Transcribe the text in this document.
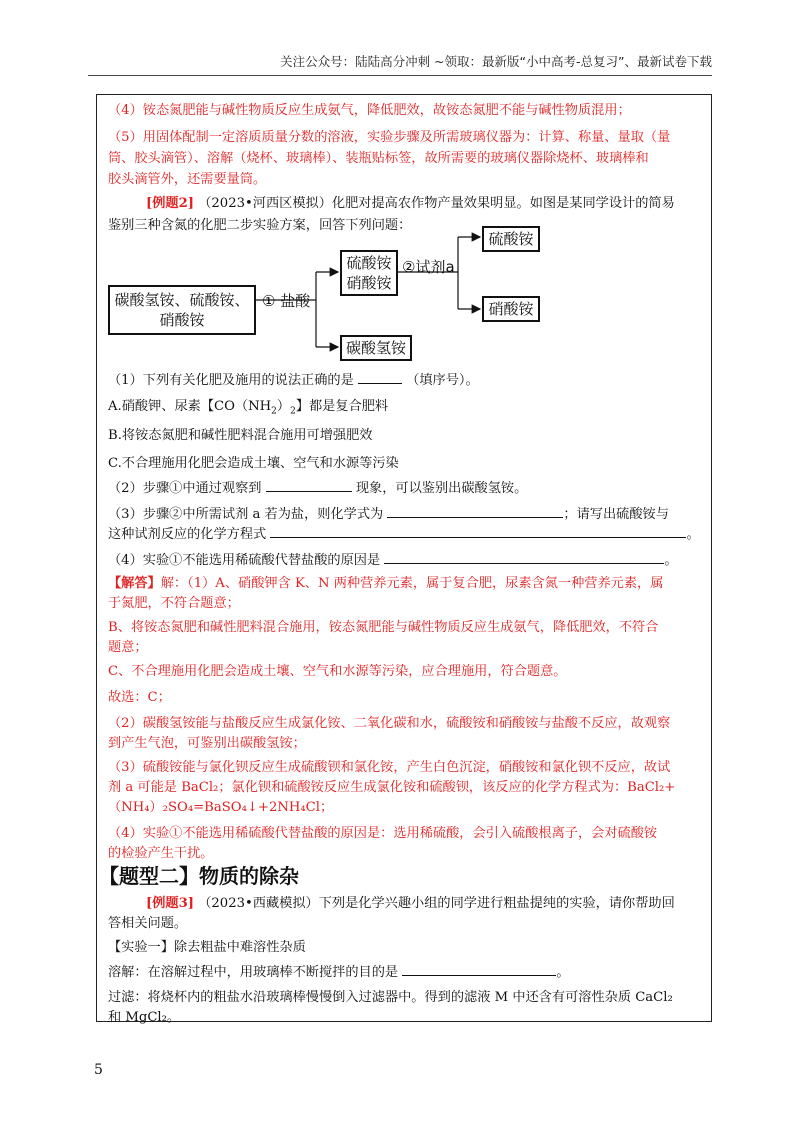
关注公众号：陆陆高分冲刺 ~领取：最新版“小中高考-总复习”、最新试卷下载
（4）铵态氮肥能与碱性物质反应生成氨气，降低肥效，故铵态氮肥不能与碱性物质混用；
（5）用固体配制一定溶质质量分数的溶液，实验步骤及所需玻璃仪器为：计算、称量、量取（量
筒、胶头滴管）、溶解（烧杯、玻璃棒）、装瓶贴标签，故所需要的玻璃仪器除烧杯、玻璃棒和
胶头滴管外，还需要量筒。
[例题2] （2023•河西区模拟）化肥对提高农作物产量效果明显。如图是某同学设计的简易
鉴别三种含氮的化肥二步实验方案，回答下列问题：
碳酸氢铵、硫酸铵、
硝酸铵
① 盐酸
硫酸铵
硝酸铵
②试剂a
硫酸铵
硝酸铵
碳酸氢铵
（1）下列有关化肥及施用的说法正确的是	（填序号）。
A.硝酸钾、尿素【$CO(NH_2)_2$】都是复合肥料
B.将铵态氮肥和碱性肥料混合施用可增强肥效
C.不合理施用化肥会造成土壤、空气和水源等污染
（2）步骤①中通过观察到	现象，可以鉴别出碳酸氢铵。
（3）步骤②中所需试剂 a 若为盐，则化学式为	；请写出硫酸铵与
这种试剂反应的化学方程式	。
（4）实验①不能选用稀硫酸代替盐酸的原因是	。
【解答】解：（1）A、硝酸钾含 K、N 两种营养元素，属于复合肥，尿素含氮一种营养元素，属
于氮肥，不符合题意；
B、将铵态氮肥和碱性肥料混合施用，铵态氮肥能与碱性物质反应生成氨气，降低肥效，不符合
题意；
C、不合理施用化肥会造成土壤、空气和水源等污染，应合理施用，符合题意。
故选：C；
（2）碳酸氢铵能与盐酸反应生成氯化铵、二氧化碳和水，硫酸铵和硝酸铵与盐酸不反应，故观察
到产生气泡，可鉴别出碳酸氢铵；
（3）硫酸铵能与氯化钡反应生成硫酸钡和氯化铵，产生白色沉淀，硝酸铵和氯化钡不反应，故试
剂 a 可能是 BaCl₂；氯化钡和硫酸铵反应生成氯化铵和硫酸钡，该反应的化学方程式为：BaCl₂+
（NH₄）₂SO₄=BaSO₄↓+2NH₄Cl；
（4）实验①不能选用稀硫酸代替盐酸的原因是：选用稀硫酸，会引入硫酸根离子，会对硫酸铵
的检验产生干扰。
【题型二】物质的除杂
[例题3] （2023•西藏模拟）下列是化学兴趣小组的同学进行粗盐提纯的实验，请你帮助回
答相关问题。
【实验一】除去粗盐中难溶性杂质
溶解：在溶解过程中，用玻璃棒不断搅拌的目的是	。
过滤：将烧杯内的粗盐水沿玻璃棒慢慢倒入过滤器中。得到的滤液 M 中还含有可溶性杂质 CaCl₂
和 MgCl₂。
5
